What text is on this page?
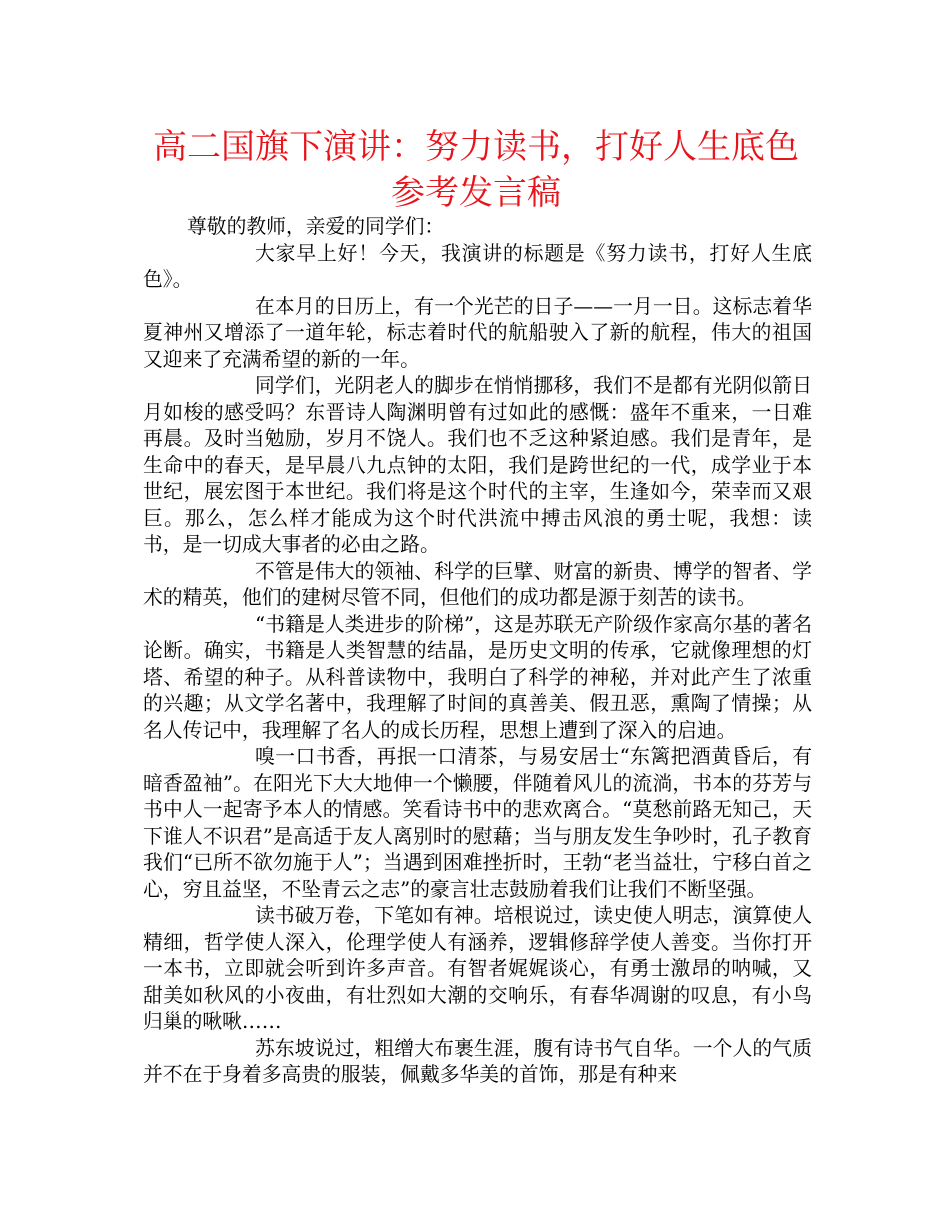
高二国旗下演讲：努力读书，打好人生底色参考发言稿

尊敬的教师，亲爱的同学们：

大家早上好！今天，我演讲的标题是《努力读书，打好人生底色》。

在本月的日历上，有一个光芒的日子——一月一日。这标志着华夏神州又增添了一道年轮，标志着时代的航船驶入了新的航程，伟大的祖国又迎来了充满希望的新的一年。

同学们，光阴老人的脚步在悄悄挪移，我们不是都有光阴似箭日月如梭的感受吗？东晋诗人陶渊明曾有过如此的感慨：盛年不重来，一日难再晨。及时当勉励，岁月不饶人。我们也不乏这种紧迫感。我们是青年，是生命中的春天，是早晨八九点钟的太阳，我们是跨世纪的一代，成学业于本世纪，展宏图于本世纪。我们将是这个时代的主宰，生逢如今，荣幸而又艰巨。那么，怎么样才能成为这个时代洪流中搏击风浪的勇士呢，我想：读书，是一切成大事者的必由之路。

不管是伟大的领袖、科学的巨擘、财富的新贵、博学的智者、学术的精英，他们的建树尽管不同，但他们的成功都是源于刻苦的读书。

“书籍是人类进步的阶梯”，这是苏联无产阶级作家高尔基的著名论断。确实，书籍是人类智慧的结晶，是历史文明的传承，它就像理想的灯塔、希望的种子。从科普读物中，我明白了科学的神秘，并对此产生了浓重的兴趣；从文学名著中，我理解了时间的真善美、假丑恶，熏陶了情操；从名人传记中，我理解了名人的成长历程，思想上遭到了深入的启迪。

嗅一口书香，再抿一口清茶，与易安居士“东篱把酒黄昏后，有暗香盈袖”。在阳光下大大地伸一个懒腰，伴随着风儿的流淌，书本的芬芳与书中人一起寄予本人的情感。笑看诗书中的悲欢离合。“莫愁前路无知己，天下谁人不识君”是高适于友人离别时的慰藉；当与朋友发生争吵时，孔子教育我们“已所不欲勿施于人”；当遇到困难挫折时，王勃“老当益壮，宁移白首之心，穷且益坚，不坠青云之志”的豪言壮志鼓励着我们让我们不断坚强。

读书破万卷，下笔如有神。培根说过，读史使人明志，演算使人精细，哲学使人深入，伦理学使人有涵养，逻辑修辞学使人善变。当你打开一本书，立即就会听到许多声音。有智者娓娓谈心，有勇士激昂的呐喊，又甜美如秋风的小夜曲，有壮烈如大潮的交响乐，有春华凋谢的叹息，有小鸟归巢的啾啾……

苏东坡说过，粗缯大布裹生涯，腹有诗书气自华。一个人的气质并不在于身着多高贵的服装，佩戴多华美的首饰，那是有种来
